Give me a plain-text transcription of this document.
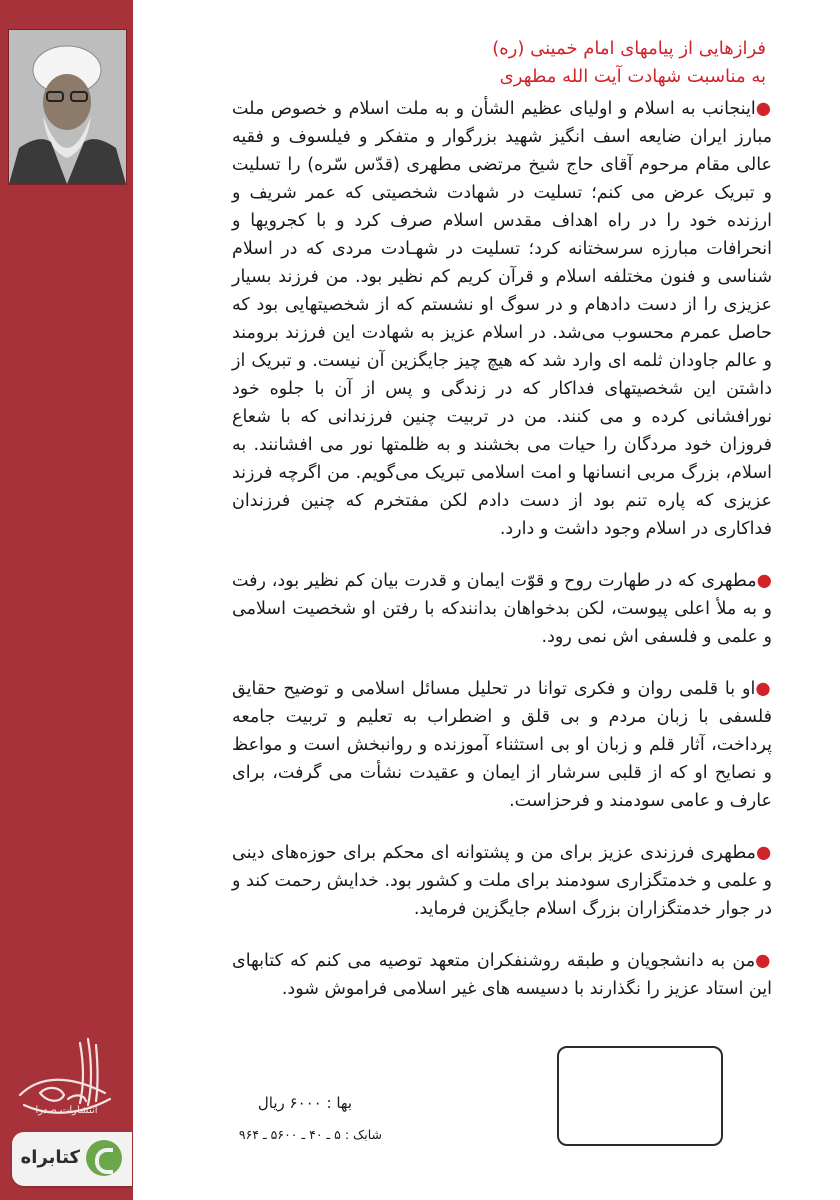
انتشارات صدرا
کتابراه
فرازهایی از پیامهای امام خمینی (ره)
به مناسبت شهادت آیت الله مطهری

●اینجانب به اسلام و اولیای عظیم الشأن و به ملت اسلام و خصوص ملت مبارز ایران ضایعه اسف انگیز شهید بزرگوار و متفکر و فیلسوف و فقیه عالی مقام مرحوم آقای حاج شیخ مرتضی مطهری (قدّس سّره) را تسلیت و تبریک عرض می کنم؛ تسلیت در شهادت شخصیتی که عمر شریف و ارزنده خود را در راه اهداف مقدس اسلام صرف کرد و با کجرویها و انحرافات مبارزه سرسختانه کرد؛ تسلیت در شهـادت مردی که در اسلام شناسی و فنون مختلفه اسلام و قرآن کریم کم نظیر بود. من فرزند بسیار عزیزی را از دست دادهام و در سوگ او نشستم که از شخصیتهایی بود که حاصل عمرم محسوب می‌شد. در اسلام عزیز به شهادت این فرزند برومند و عالم جاودان ثلمه ای وارد شد که هیچ چیز جایگزین آن نیست. و تبریک از داشتن این شخصیتهای فداکار که در زندگی و پس از آن با جلوه خود نورافشانی کرده و می کنند. من در تربیت چنین فرزندانی که با شعاع فروزان خود مردگان را حیات می بخشند و به ظلمتها نور می افشانند. به اسلام، بزرگ مربی انسانها و امت اسلامی تبریک می‌گویم. من اگرچه فرزند عزیزی که پاره تنم بود از دست دادم لکن مفتخرم که چنین فرزندان فداکاری در اسلام وجود داشت و دارد.

●مطهری که در طهارت روح و قوّت ایمان و قدرت بیان کم نظیر بود، رفت و به ملأ اعلی پیوست، لکن بدخواهان بدانندکه با رفتن او شخصیت اسلامی و علمی و فلسفی اش نمی رود.

●او با قلمی روان و فکری توانا در تحلیل مسائل اسلامی و توضیح حقایق فلسفی با زبان مردم و بی قلق و اضطراب به تعلیم و تربیت جامعه پرداخت، آثار قلم و زبان او بی استثناء آموزنده و روانبخش است و مواعظ و نصایح او که از قلبی سرشار از ایمان و عقیدت نشأت می گرفت، برای عارف و عامی سودمند و فرحزاست.

●مطهری فرزندی عزیز برای من و پشتوانه ای محکم برای حوزه‌های دینی و علمی و خدمتگزاری سودمند برای ملت و کشور بود. خدایش رحمت کند و در جوار خدمتگزاران بزرگ اسلام جایگزین فرماید.

●من به دانشجویان و طبقه روشنفکران متعهد توصیه می کنم که کتابهای این استاد عزیز را نگذارند با دسیسه های غیر اسلامی فراموش شود.

بها : ۶۰۰۰ ریال
شابک : ۵ ـ ۴۰ ـ ۵۶۰۰ ـ ۹۶۴
